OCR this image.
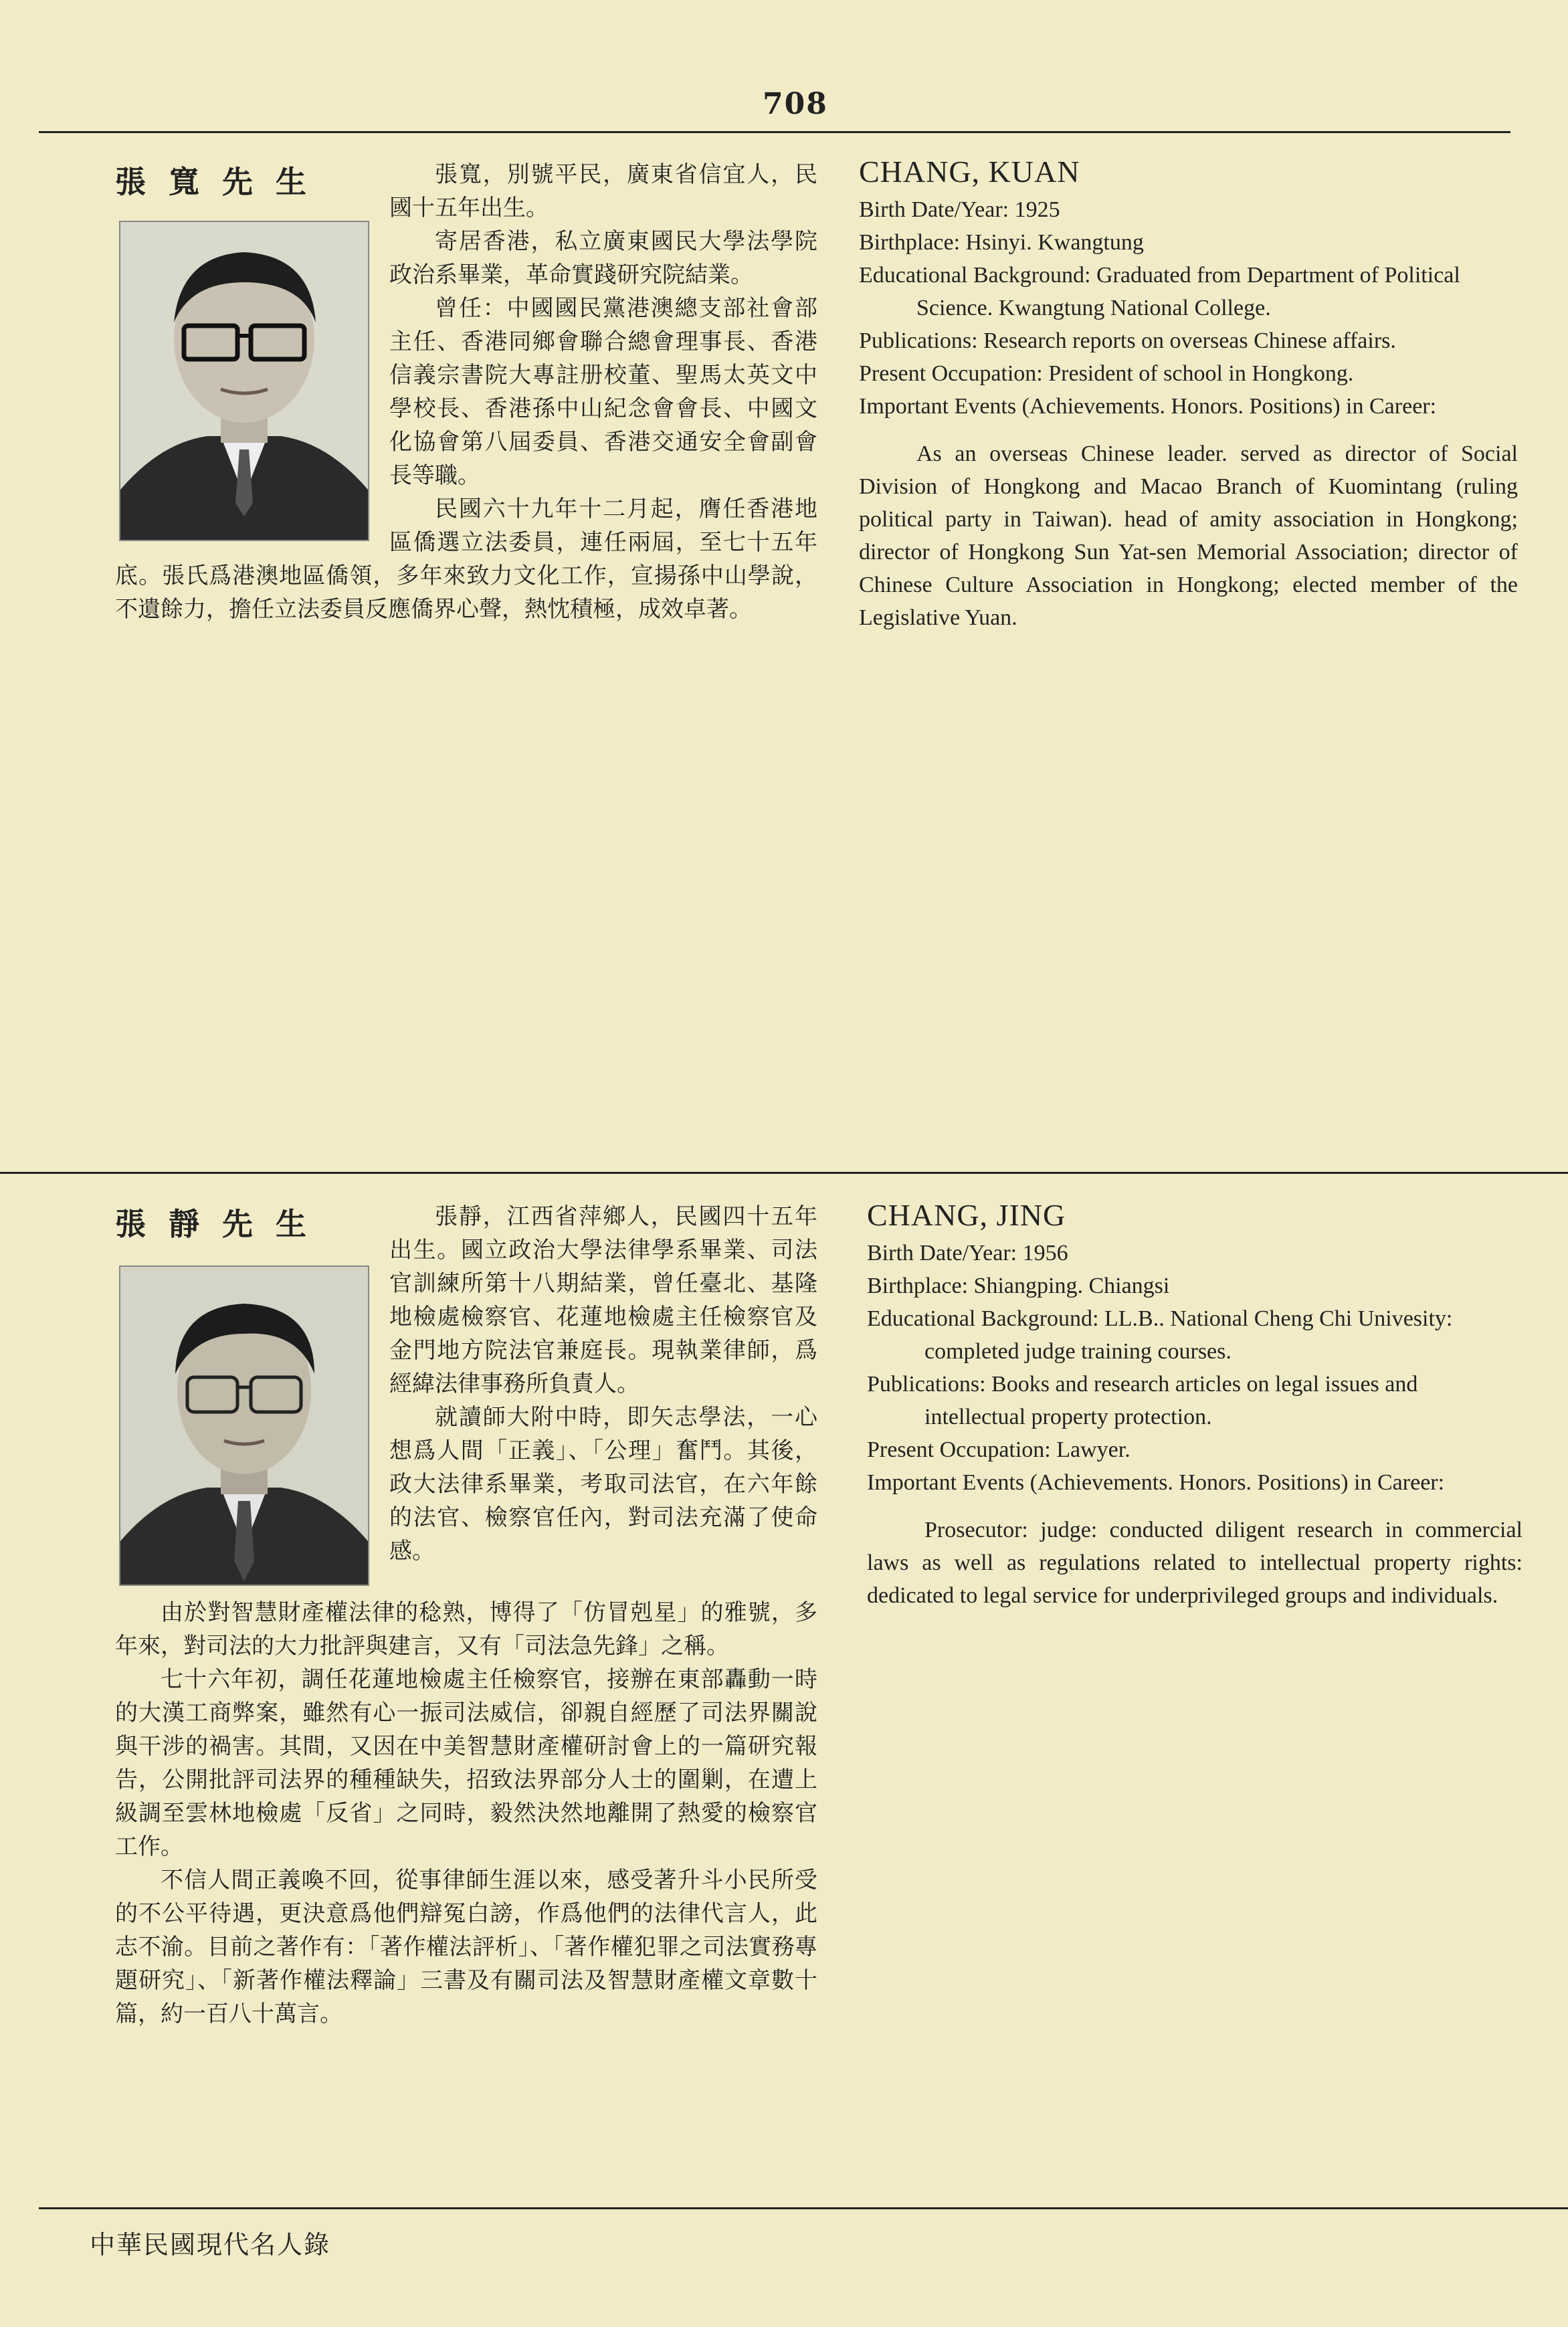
708
張寬先生	張寬，別號平民，廣東省信宜人，民國十五年出生。

寄居香港，私立廣東國民大學法學院政治系畢業，革命實踐研究院結業。

曾任：中國國民黨港澳總支部社會部主任、香港同鄉會聯合總會理事長、香港信義宗書院大專註册校董、聖馬太英文中學校長、香港孫中山紀念會會長、中國文化協會第八屆委員、香港交通安全會副會長等職。

民國六十九年十二月起，膺任香港地區僑選立法委員，連任兩屆，至七十五年底。張氏爲港澳地區僑領，多年來致力文化工作，宣揚孫中山學說，不遺餘力，擔任立法委員反應僑界心聲，熱忱積極，成效卓著。

CHANG, KUAN
Birth Date/Year: 1925
Birthplace: Hsinyi. Kwangtung
Educational Background: Graduated from Department of Political Science. Kwangtung National College.
Publications: Research reports on overseas Chinese affairs.
Present Occupation: President of school in Hongkong.
Important Events (Achievements. Honors. Positions) in Career:
As an overseas Chinese leader. served as director of Social Division of Hongkong and Macao Branch of Kuomintang (ruling political party in Taiwan). head of amity association in Hongkong; director of Hongkong Sun Yat-sen Memorial Association; director of Chinese Culture Association in Hongkong; elected member of the Legislative Yuan.
張靜先生	張靜，江西省萍鄉人，民國四十五年出生。國立政治大學法律學系畢業、司法官訓練所第十八期結業，曾任臺北、基隆地檢處檢察官、花蓮地檢處主任檢察官及金門地方院法官兼庭長。現執業律師，爲經緯法律事務所負責人。

就讀師大附中時，即矢志學法，一心想爲人間「正義」、「公理」奮鬥。其後，政大法律系畢業，考取司法官，在六年餘的法官、檢察官任內，對司法充滿了使命感。

由於對智慧財產權法律的稔熟，博得了「仿冒剋星」的雅號，多年來，對司法的大力批評與建言，又有「司法急先鋒」之稱。

七十六年初，調任花蓮地檢處主任檢察官，接辦在東部轟動一時的大漢工商弊案，雖然有心一振司法威信，卻親自經歷了司法界關說與干涉的禍害。其間，又因在中美智慧財產權研討會上的一篇研究報告，公開批評司法界的種種缺失，招致法界部分人士的圍剿，在遭上級調至雲林地檢處「反省」之同時，毅然決然地離開了熱愛的檢察官工作。

不信人間正義喚不回，從事律師生涯以來，感受著升斗小民所受的不公平待遇，更決意爲他們辯冤白謗，作爲他們的法律代言人，此志不渝。目前之著作有：「著作權法評析」、「著作權犯罪之司法實務專題研究」、「新著作權法釋論」三書及有關司法及智慧財產權文章數十篇，約一百八十萬言。

CHANG, JING
Birth Date/Year: 1956
Birthplace: Shiangping. Chiangsi
Educational Background: LL.B.. National Cheng Chi Univesity: completed judge training courses.
Publications: Books and research articles on legal issues and intellectual property protection.
Present Occupation: Lawyer.
Important Events (Achievements. Honors. Positions) in Career:
Prosecutor: judge: conducted diligent research in commercial laws as well as regulations related to intellectual property rights: dedicated to legal service for underprivileged groups and individuals.
中華民國現代名人錄
